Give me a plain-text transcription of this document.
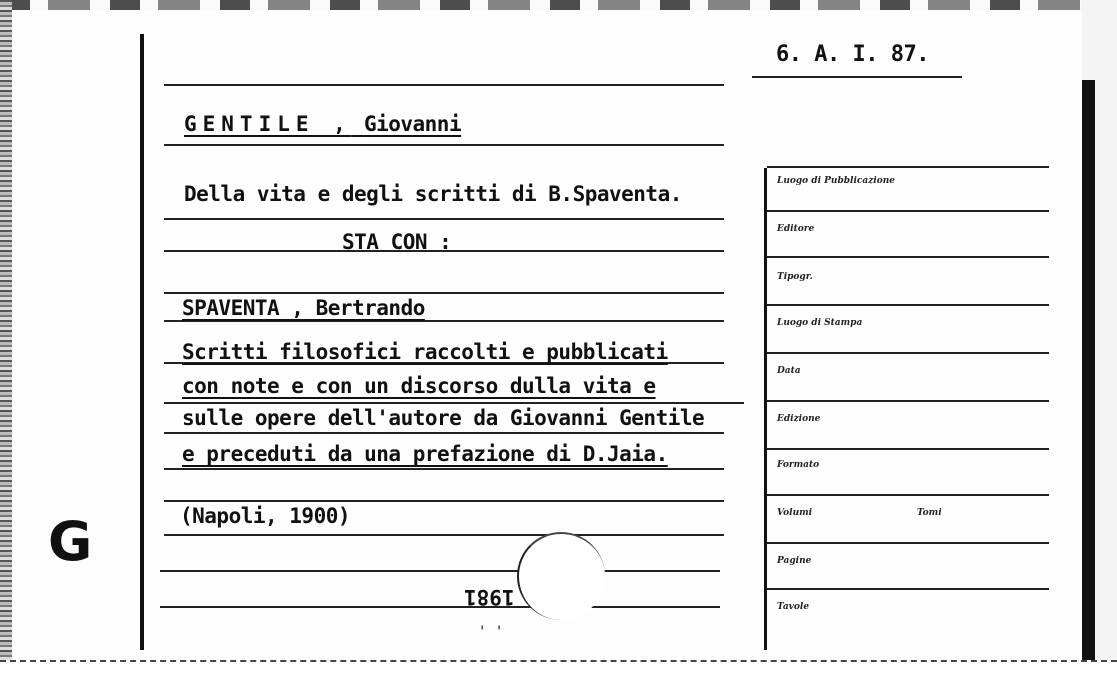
6. A. I. 87.
GENTILE , Giovanni
Della vita e degli scritti di B.Spaventa.
STA CON :
SPAVENTA , Bertrando
Scritti filosofici raccolti e pubblicati
con note e con un discorso dulla vita e
sulle opere dell'autore da Giovanni Gentile
e preceduti da una prefazione di D.Jaia.
(Napoli, 1900)
1981
' '
Luogo di Pubblicazione
Editore
Tipogr.
Luogo di Stampa
Data
Edizione
Formato
Volumi	Tomi
Pagine
Tavole
G
